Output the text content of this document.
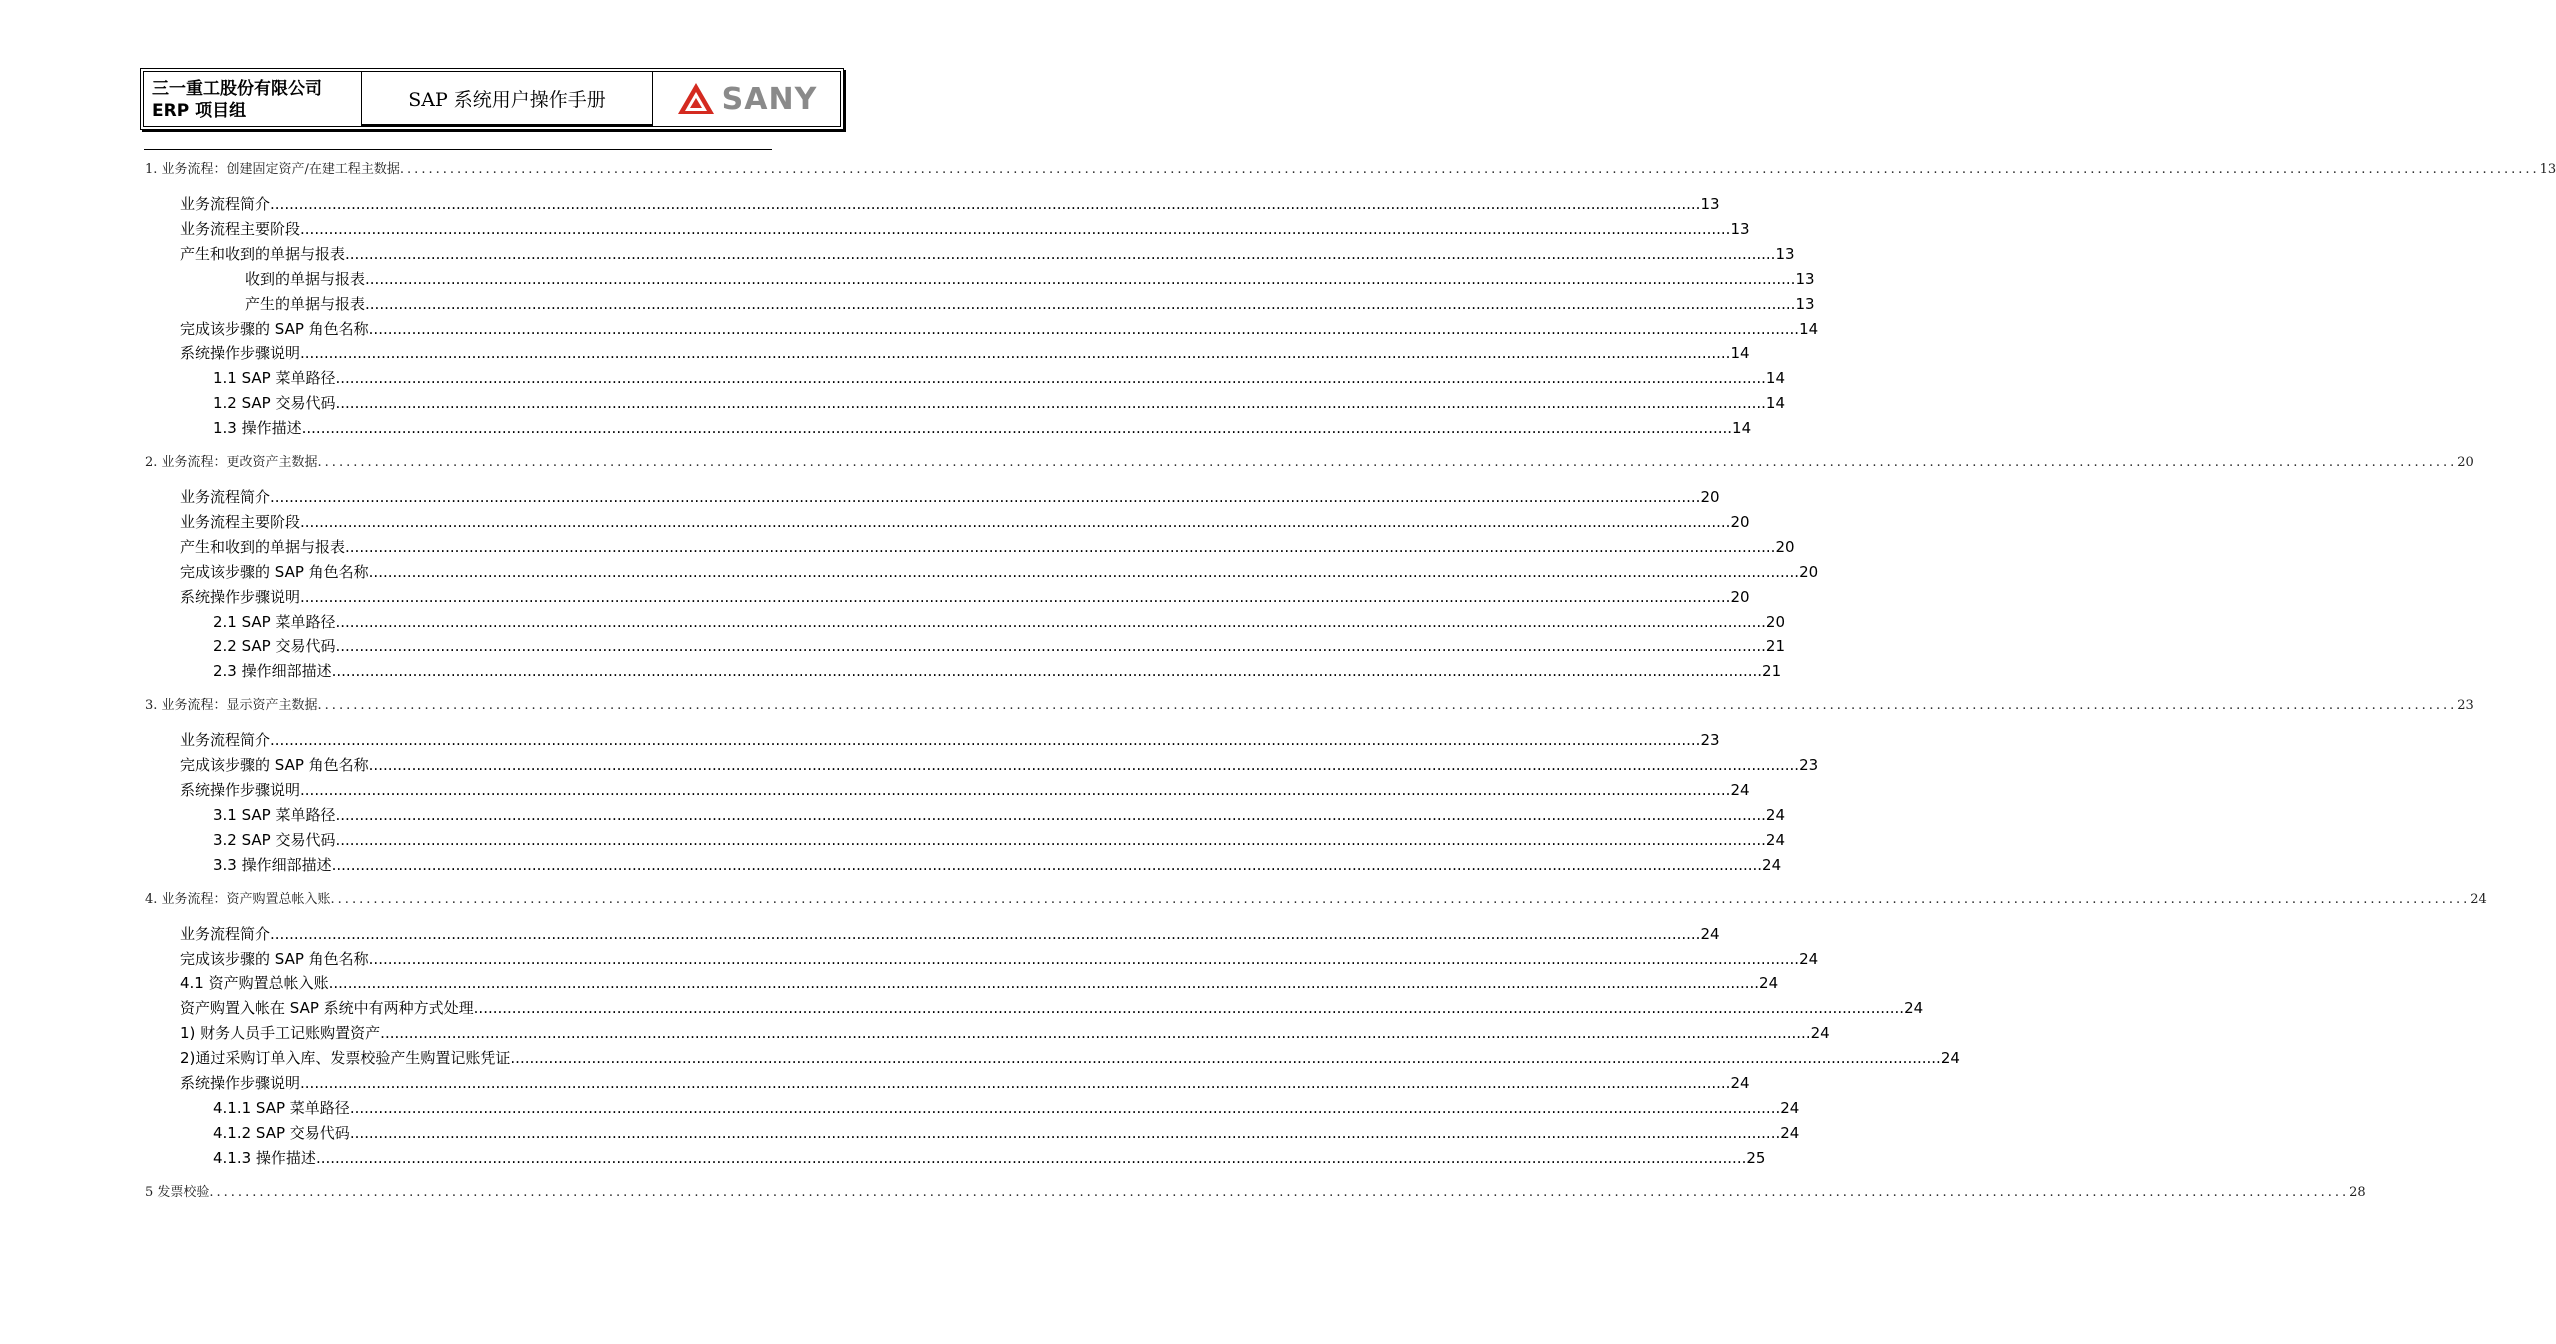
三一重工股份有限公司
ERP 项目组
SAP 系统用户操作手册	SANY
1. 业务流程：创建固定资产/在建工程主数据 ............................................................................................................................................................................................................................................................................................................ 13
业务流程简介 ............................................................................................................................................................................................................................................................................................................ 13
业务流程主要阶段 ............................................................................................................................................................................................................................................................................................................ 13
产生和收到的单据与报表 ............................................................................................................................................................................................................................................................................................................ 13
收到的单据与报表 ............................................................................................................................................................................................................................................................................................................ 13
产生的单据与报表 ............................................................................................................................................................................................................................................................................................................ 13
完成该步骤的 SAP 角色名称 ............................................................................................................................................................................................................................................................................................................ 14
系统操作步骤说明 ............................................................................................................................................................................................................................................................................................................ 14
1.1 SAP 菜单路径 ............................................................................................................................................................................................................................................................................................................ 14
1.2 SAP 交易代码 ............................................................................................................................................................................................................................................................................................................ 14
1.3 操作描述 ............................................................................................................................................................................................................................................................................................................ 14
2. 业务流程：更改资产主数据 ............................................................................................................................................................................................................................................................................................................ 20
业务流程简介 ............................................................................................................................................................................................................................................................................................................ 20
业务流程主要阶段 ............................................................................................................................................................................................................................................................................................................ 20
产生和收到的单据与报表 ............................................................................................................................................................................................................................................................................................................ 20
完成该步骤的 SAP 角色名称 ............................................................................................................................................................................................................................................................................................................ 20
系统操作步骤说明 ............................................................................................................................................................................................................................................................................................................ 20
2.1 SAP 菜单路径 ............................................................................................................................................................................................................................................................................................................ 20
2.2 SAP 交易代码 ............................................................................................................................................................................................................................................................................................................ 21
2.3 操作细部描述 ............................................................................................................................................................................................................................................................................................................ 21
3. 业务流程：显示资产主数据 ............................................................................................................................................................................................................................................................................................................ 23
业务流程简介 ............................................................................................................................................................................................................................................................................................................ 23
完成该步骤的 SAP 角色名称 ............................................................................................................................................................................................................................................................................................................ 23
系统操作步骤说明 ............................................................................................................................................................................................................................................................................................................ 24
3.1 SAP 菜单路径 ............................................................................................................................................................................................................................................................................................................ 24
3.2 SAP 交易代码 ............................................................................................................................................................................................................................................................................................................ 24
3.3 操作细部描述 ............................................................................................................................................................................................................................................................................................................ 24
4. 业务流程：资产购置总帐入账 ............................................................................................................................................................................................................................................................................................................ 24
业务流程简介 ............................................................................................................................................................................................................................................................................................................ 24
完成该步骤的 SAP 角色名称 ............................................................................................................................................................................................................................................................................................................ 24
4.1 资产购置总帐入账 ............................................................................................................................................................................................................................................................................................................ 24
资产购置入帐在 SAP 系统中有两种方式处理 ............................................................................................................................................................................................................................................................................................................ 24
1) 财务人员手工记账购置资产 ............................................................................................................................................................................................................................................................................................................ 24
2)通过采购订单入库、发票校验产生购置记账凭证 ............................................................................................................................................................................................................................................................................................................ 24
系统操作步骤说明 ............................................................................................................................................................................................................................................................................................................ 24
4.1.1 SAP 菜单路径 ............................................................................................................................................................................................................................................................................................................ 24
4.1.2 SAP 交易代码 ............................................................................................................................................................................................................................................................................................................ 24
4.1.3 操作描述 ............................................................................................................................................................................................................................................................................................................ 25
5 发票校验 ............................................................................................................................................................................................................................................................................................................ 28
